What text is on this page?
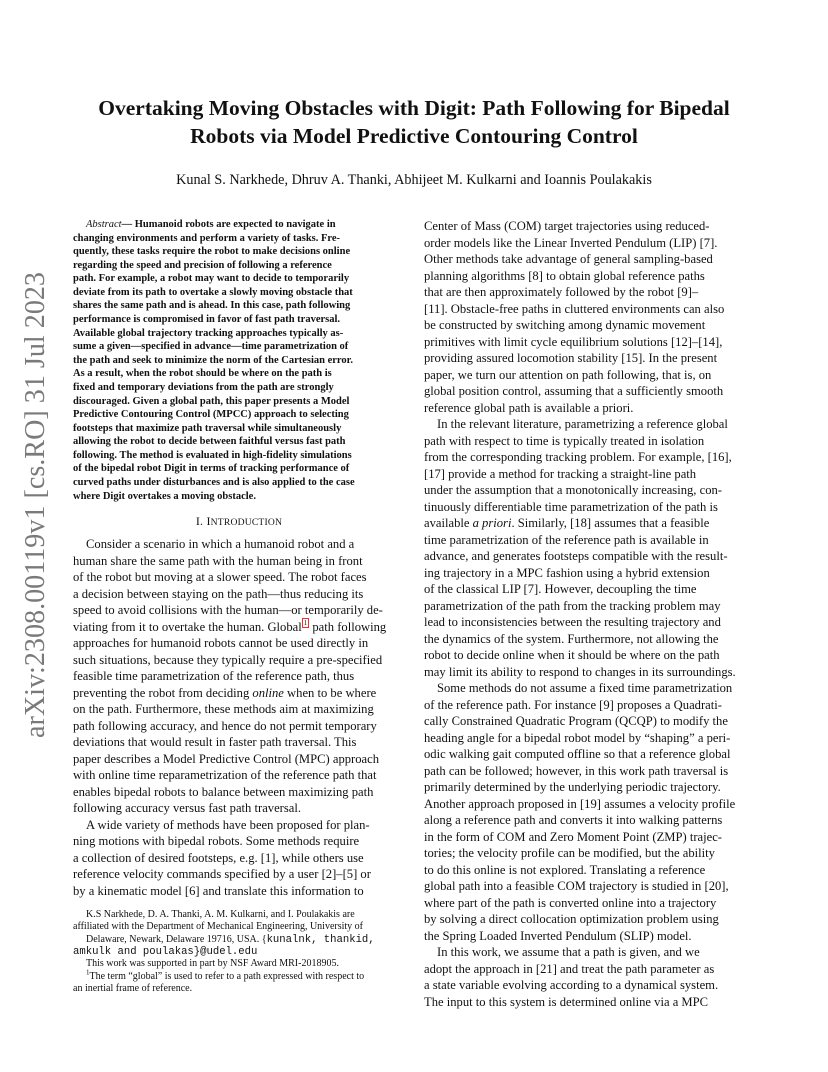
arXiv:2308.00119v1 [cs.RO] 31 Jul 2023
Overtaking Moving Obstacles with Digit: Path Following for Bipedal
Robots via Model Predictive Contouring Control
Kunal S. Narkhede, Dhruv A. Thanki, Abhijeet M. Kulkarni and Ioannis Poulakakis
Abstract— Humanoid robots are expected to navigate in
changing environments and perform a variety of tasks. Fre-
quently, these tasks require the robot to make decisions online
regarding the speed and precision of following a reference
path. For example, a robot may want to decide to temporarily
deviate from its path to overtake a slowly moving obstacle that
shares the same path and is ahead. In this case, path following
performance is compromised in favor of fast path traversal.
Available global trajectory tracking approaches typically as-
sume a given—specified in advance—time parametrization of
the path and seek to minimize the norm of the Cartesian error.
As a result, when the robot should be where on the path is
fixed and temporary deviations from the path are strongly
discouraged. Given a global path, this paper presents a Model
Predictive Contouring Control (MPCC) approach to selecting
footsteps that maximize path traversal while simultaneously
allowing the robot to decide between faithful versus fast path
following. The method is evaluated in high-fidelity simulations
of the bipedal robot Digit in terms of tracking performance of
curved paths under disturbances and is also applied to the case
where Digit overtakes a moving obstacle.
I. INTRODUCTION
Consider a scenario in which a humanoid robot and a
human share the same path with the human being in front
of the robot but moving at a slower speed. The robot faces
a decision between staying on the path—thus reducing its
speed to avoid collisions with the human—or temporarily de-
viating from it to overtake the human. Global $^1$ path following
approaches for humanoid robots cannot be used directly in
such situations, because they typically require a pre-specified
feasible time parametrization of the reference path, thus
preventing the robot from deciding online when to be where
on the path. Furthermore, these methods aim at maximizing
path following accuracy, and hence do not permit temporary
deviations that would result in faster path traversal. This
paper describes a Model Predictive Control (MPC) approach
with online time reparametrization of the reference path that
enables bipedal robots to balance between maximizing path
following accuracy versus fast path traversal.
A wide variety of methods have been proposed for plan-
ning motions with bipedal robots. Some methods require
a collection of desired footsteps, e.g. [1], while others use
reference velocity commands specified by a user [2]–[5] or
by a kinematic model [6] and translate this information to
K.S Narkhede, D. A. Thanki, A. M. Kulkarni, and I. Poulakakis are
affiliated with the Department of Mechanical Engineering, University of
Delaware, Newark, Delaware 19716, USA. {kunalnk, thankid,
amkulk and poulakas}@udel.edu
This work was supported in part by NSF Award MRI-2018905.
$^1$The term “global” is used to refer to a path expressed with respect to
an inertial frame of reference.
Center of Mass (COM) target trajectories using reduced-
order models like the Linear Inverted Pendulum (LIP) [7].
Other methods take advantage of general sampling-based
planning algorithms [8] to obtain global reference paths
that are then approximately followed by the robot [9]–
[11]. Obstacle-free paths in cluttered environments can also
be constructed by switching among dynamic movement
primitives with limit cycle equilibrium solutions [12]–[14],
providing assured locomotion stability [15]. In the present
paper, we turn our attention on path following, that is, on
global position control, assuming that a sufficiently smooth
reference global path is available a priori.
In the relevant literature, parametrizing a reference global
path with respect to time is typically treated in isolation
from the corresponding tracking problem. For example, [16],
[17] provide a method for tracking a straight-line path
under the assumption that a monotonically increasing, con-
tinuously differentiable time parametrization of the path is
available a priori. Similarly, [18] assumes that a feasible
time parametrization of the reference path is available in
advance, and generates footsteps compatible with the result-
ing trajectory in a MPC fashion using a hybrid extension
of the classical LIP [7]. However, decoupling the time
parametrization of the path from the tracking problem may
lead to inconsistencies between the resulting trajectory and
the dynamics of the system. Furthermore, not allowing the
robot to decide online when it should be where on the path
may limit its ability to respond to changes in its surroundings.
Some methods do not assume a fixed time parametrization
of the reference path. For instance [9] proposes a Quadrati-
cally Constrained Quadratic Program (QCQP) to modify the
heading angle for a bipedal robot model by “shaping” a peri-
odic walking gait computed offline so that a reference global
path can be followed; however, in this work path traversal is
primarily determined by the underlying periodic trajectory.
Another approach proposed in [19] assumes a velocity profile
along a reference path and converts it into walking patterns
in the form of COM and Zero Moment Point (ZMP) trajec-
tories; the velocity profile can be modified, but the ability
to do this online is not explored. Translating a reference
global path into a feasible COM trajectory is studied in [20],
where part of the path is converted online into a trajectory
by solving a direct collocation optimization problem using
the Spring Loaded Inverted Pendulum (SLIP) model.
In this work, we assume that a path is given, and we
adopt the approach in [21] and treat the path parameter as
a state variable evolving according to a dynamical system.
The input to this system is determined online via a MPC
